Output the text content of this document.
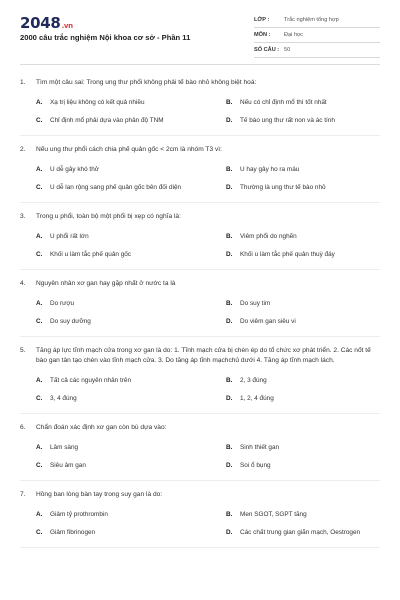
2048.vn
2000 câu trắc nghiệm Nội khoa cơ sở - Phần 11
LỚP :	Trắc nghiệm tổng hợp
MÔN :	Đại học
SỐ CÂU : 50
1.	Tìm một câu sai: Trong ung thư phổi không phải tế bào nhỏ không biệt hoá:
A.	Xạ trị liệu không có kết quả nhiều	B.	Nếu có chỉ định mổ thì tốt nhất
C.	Chỉ định mổ phải dựa vào phân độ TNM	D.	Tế bào ung thư rất non và ác tính
2.	Nếu ung thư phổi cách chia phế quản gốc < 2cm là nhóm T3 vì:
A.	U dễ gây khó thở	B.	U hay gây ho ra máu
C.	U dễ lan rộng sang phế quản gốc bên đối diện	D.	Thường là ung thư tế bào nhỏ
3.	Trong u phổi, toàn bộ một phổi bị xẹp có nghĩa là:
A.	U phổi rất lớn	B.	Viêm phổi do nghẽn
C.	Khối u làm tắc phế quản gốc	D.	Khối u làm tắc phế quản thuỳ đáy
4.	Nguyên nhân xơ gan hay gặp nhất ở nước ta là
A.	Do rượu	B.	Do suy tim
C.	Do suy dưỡng	D.	Do viêm gan siêu vi
5.	Tăng áp lực tĩnh mạch cửa trong xơ gan là do: 1. Tĩnh mạch cửa bị chèn ép do tổ chức xơ phát triển. 2. Các nốt tế bào gan tân tạo chèn vào tĩnh mạch cửa. 3. Do tăng áp tĩnh mạchchủ dưới 4. Tăng áp tĩnh mạch lách.
A.	Tất cả các nguyên nhân trên	B.	2, 3 đúng
C.	3, 4 đúng	D.	1, 2, 4 đúng
6.	Chẩn đoán xác định xơ gan còn bù dựa vào:
A.	Lâm sàng	B.	Sinh thiết gan
C.	Siêu âm gan	D.	Soi ổ bụng
7.	Hồng ban lòng bàn tay trong suy gan là do:
A.	Giảm tỷ prothrombin	B.	Men SGOT, SGPT tăng
C.	Giảm fibrinogen	D.	Các chất trung gian giãn mạch, Oestrogen
